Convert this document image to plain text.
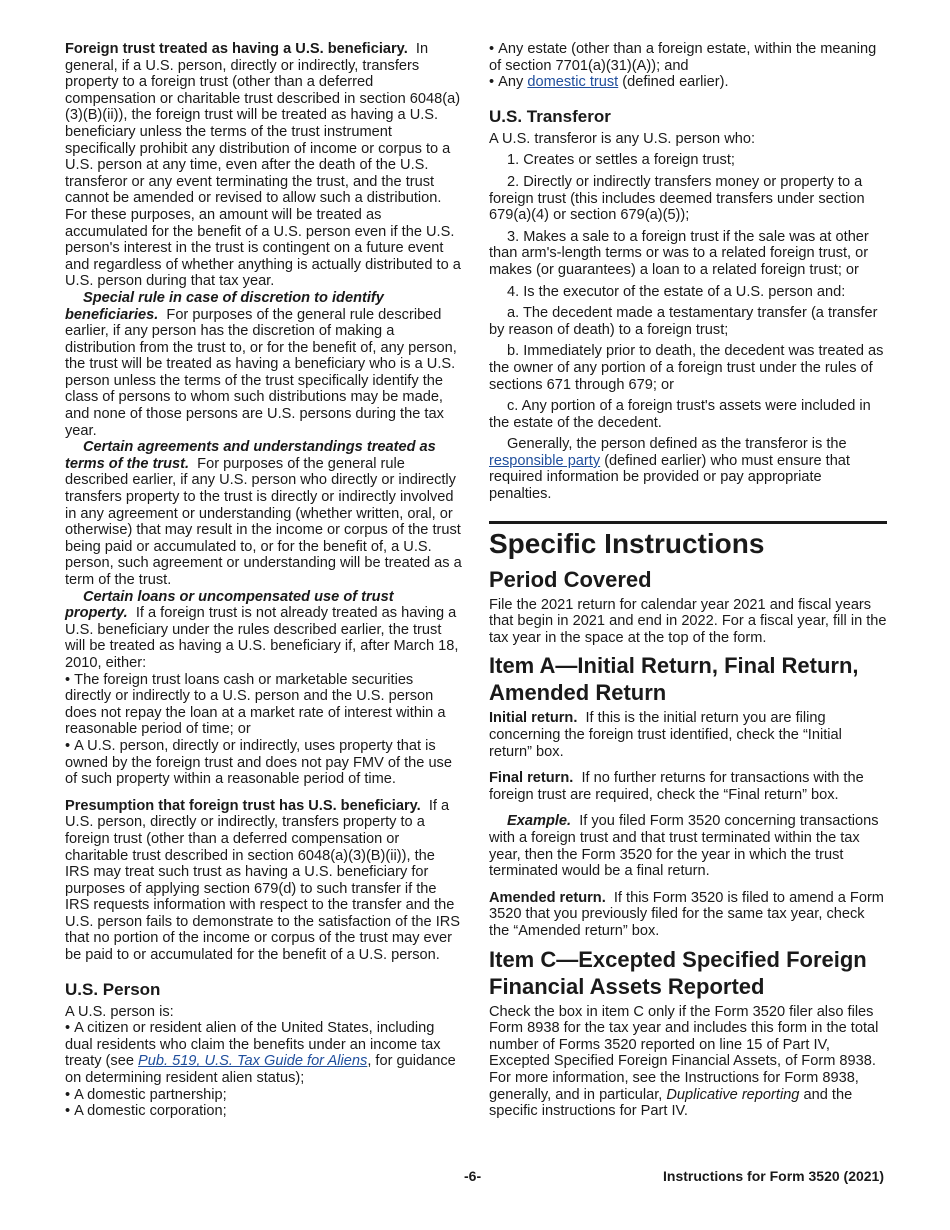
Foreign trust treated as having a U.S. beneficiary. In general, if a U.S. person, directly or indirectly, transfers property to a foreign trust (other than a deferred compensation or charitable trust described in section 6048(a)(3)(B)(ii)), the foreign trust will be treated as having a U.S. beneficiary unless the terms of the trust instrument specifically prohibit any distribution of income or corpus to a U.S. person at any time, even after the death of the U.S. transferor or any event terminating the trust, and the trust cannot be amended or revised to allow such a distribution. For these purposes, an amount will be treated as accumulated for the benefit of a U.S. person even if the U.S. person's interest in the trust is contingent on a future event and regardless of whether anything is actually distributed to a U.S. person during that tax year.

Special rule in case of discretion to identify beneficiaries. For purposes of the general rule described earlier, if any person has the discretion of making a distribution from the trust to, or for the benefit of, any person, the trust will be treated as having a beneficiary who is a U.S. person unless the terms of the trust specifically identify the class of persons to whom such distributions may be made, and none of those persons are U.S. persons during the tax year.

Certain agreements and understandings treated as terms of the trust. For purposes of the general rule described earlier, if any U.S. person who directly or indirectly transfers property to the trust is directly or indirectly involved in any agreement or understanding (whether written, oral, or otherwise) that may result in the income or corpus of the trust being paid or accumulated to, or for the benefit of, a U.S. person, such agreement or understanding will be treated as a term of the trust.

Certain loans or uncompensated use of trust property. If a foreign trust is not already treated as having a U.S. beneficiary under the rules described earlier, the trust will be treated as having a U.S. beneficiary if, after March 18, 2010, either:

• The foreign trust loans cash or marketable securities directly or indirectly to a U.S. person and the U.S. person does not repay the loan at a market rate of interest within a reasonable period of time; or
• A U.S. person, directly or indirectly, uses property that is owned by the foreign trust and does not pay FMV of the use of such property within a reasonable period of time.

Presumption that foreign trust has U.S. beneficiary. If a U.S. person, directly or indirectly, transfers property to a foreign trust (other than a deferred compensation or charitable trust described in section 6048(a)(3)(B)(ii)), the IRS may treat such trust as having a U.S. beneficiary for purposes of applying section 679(d) to such transfer if the IRS requests information with respect to the transfer and the U.S. person fails to demonstrate to the satisfaction of the IRS that no portion of the income or corpus of the trust may ever be paid to or accumulated for the benefit of a U.S. person.

U.S. Person

A U.S. person is:

• A citizen or resident alien of the United States, including dual residents who claim the benefits under an income tax treaty (see Pub. 519, U.S. Tax Guide for Aliens, for guidance on determining resident alien status);
• A domestic partnership;
• A domestic corporation;
• Any estate (other than a foreign estate, within the meaning of section 7701(a)(31)(A)); and
• Any domestic trust (defined earlier).
U.S. Transferor

A U.S. transferor is any U.S. person who:

1. Creates or settles a foreign trust;

2. Directly or indirectly transfers money or property to a foreign trust (this includes deemed transfers under section 679(a)(4) or section 679(a)(5));

3. Makes a sale to a foreign trust if the sale was at other than arm's-length terms or was to a related foreign trust, or makes (or guarantees) a loan to a related foreign trust; or

4. Is the executor of the estate of a U.S. person and:

a. The decedent made a testamentary transfer (a transfer by reason of death) to a foreign trust;

b. Immediately prior to death, the decedent was treated as the owner of any portion of a foreign trust under the rules of sections 671 through 679; or

c. Any portion of a foreign trust's assets were included in the estate of the decedent.

Generally, the person defined as the transferor is the responsible party (defined earlier) who must ensure that required information be provided or pay appropriate penalties.

Specific Instructions
Period Covered

File the 2021 return for calendar year 2021 and fiscal years that begin in 2021 and end in 2022. For a fiscal year, fill in the tax year in the space at the top of the form.

Item A—Initial Return, Final Return, Amended Return

Initial return. If this is the initial return you are filing concerning the foreign trust identified, check the “Initial return” box.

Final return. If no further returns for transactions with the foreign trust are required, check the “Final return” box.

Example. If you filed Form 3520 concerning transactions with a foreign trust and that trust terminated within the tax year, then the Form 3520 for the year in which the trust terminated would be a final return.

Amended return. If this Form 3520 is filed to amend a Form 3520 that you previously filed for the same tax year, check the “Amended return” box.

Item C—Excepted Specified Foreign Financial Assets Reported

Check the box in item C only if the Form 3520 filer also files Form 8938 for the tax year and includes this form in the total number of Forms 3520 reported on line 15 of Part IV, Excepted Specified Foreign Financial Assets, of Form 8938. For more information, see the Instructions for Form 8938, generally, and in particular, Duplicative reporting and the specific instructions for Part IV.

-6-	Instructions for Form 3520 (2021)
